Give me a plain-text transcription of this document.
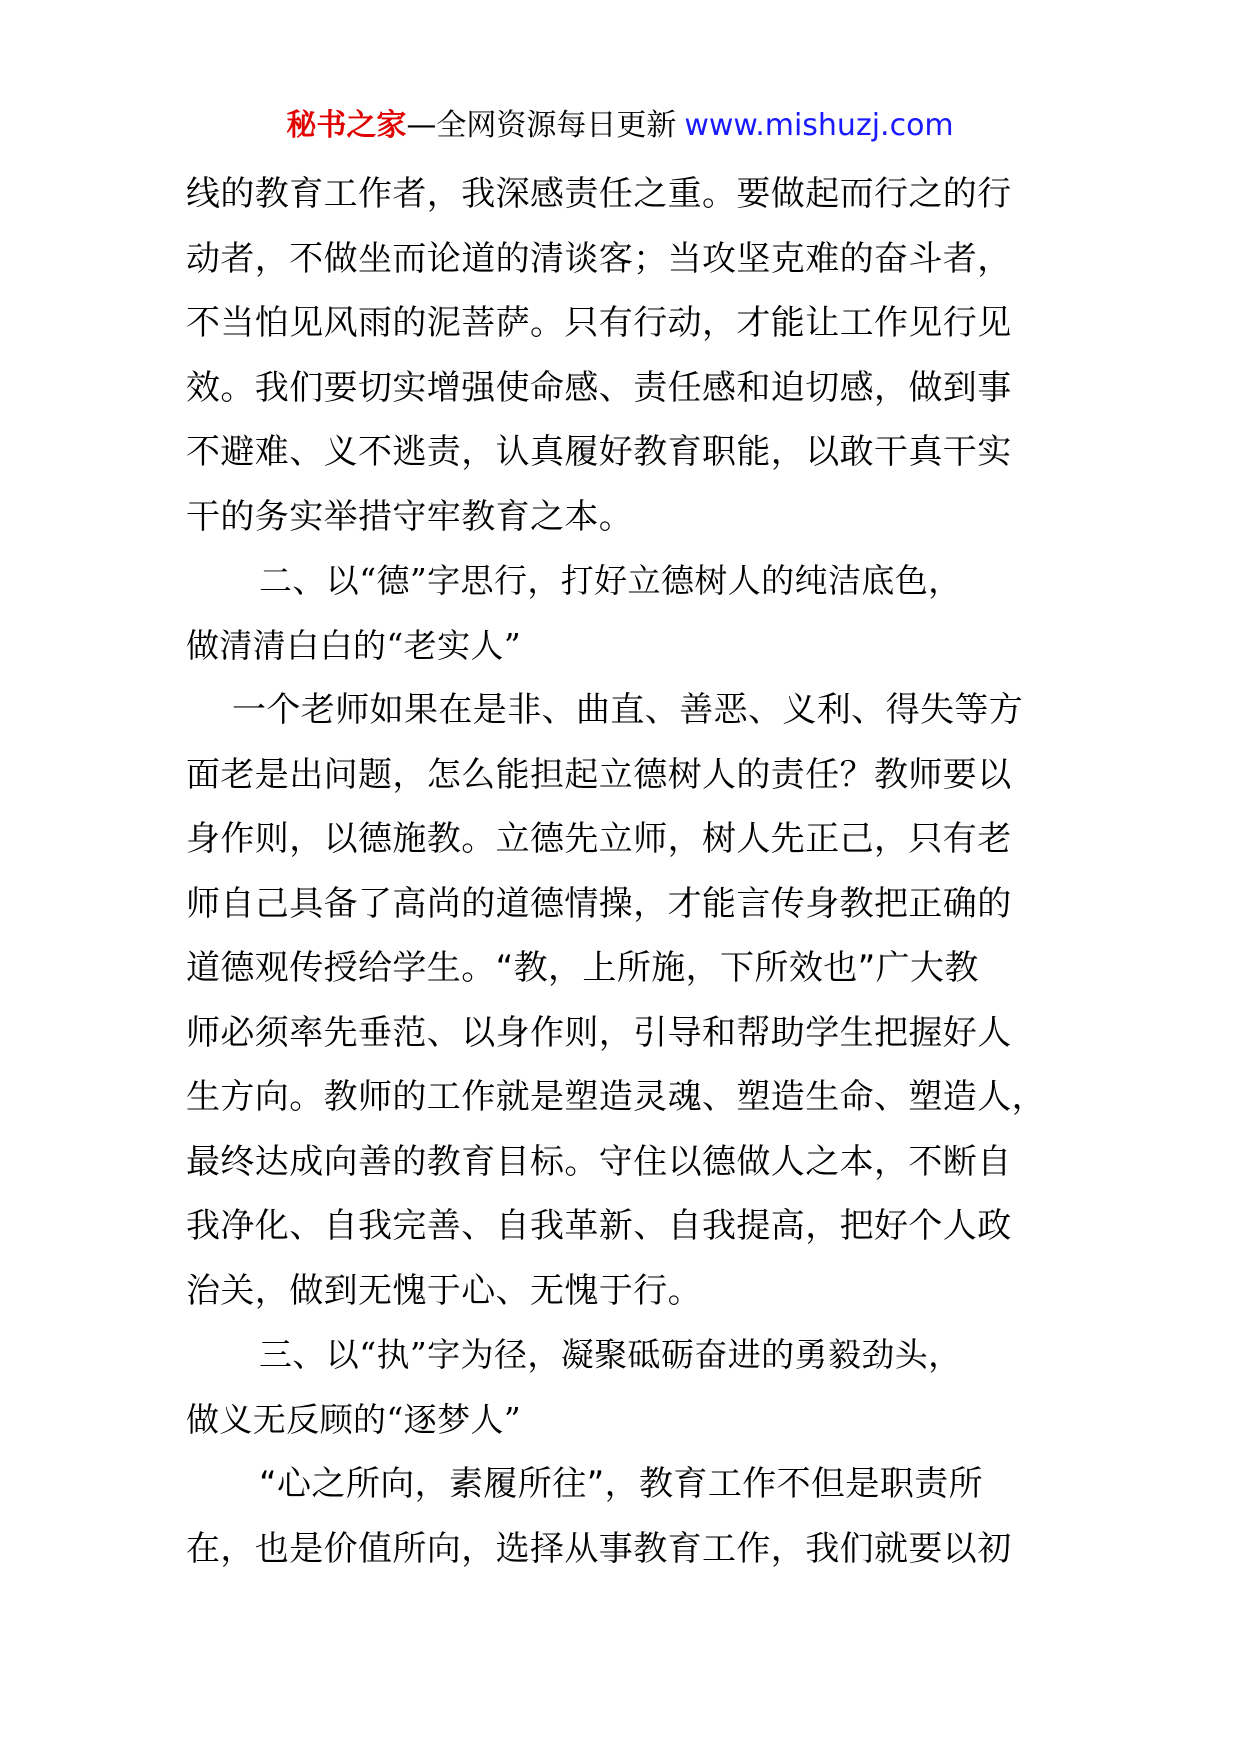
秘书之家—全网资源每日更新 www.mishuzj.com
线的教育工作者，我深感责任之重。要做起而行之的行
动者，不做坐而论道的清谈客；当攻坚克难的奋斗者，
不当怕见风雨的泥菩萨。只有行动，才能让工作见行见
效。我们要切实增强使命感、责任感和迫切感，做到事
不避难、义不逃责，认真履好教育职能，以敢干真干实
干的务实举措守牢教育之本。
二、以“德”字思行，打好立德树人的纯洁底色，
做清清白白的“老实人”
一个老师如果在是非、曲直、善恶、义利、得失等方
面老是出问题，怎么能担起立德树人的责任？教师要以
身作则，以德施教。立德先立师，树人先正己，只有老
师自己具备了高尚的道德情操，才能言传身教把正确的
道德观传授给学生。“教，上所施，下所效也”广大教
师必须率先垂范、以身作则，引导和帮助学生把握好人
生方向。教师的工作就是塑造灵魂、塑造生命、塑造人，
最终达成向善的教育目标。守住以德做人之本，不断自
我净化、自我完善、自我革新、自我提高，把好个人政
治关，做到无愧于心、无愧于行。
三、以“执”字为径，凝聚砥砺奋进的勇毅劲头，
做义无反顾的“逐梦人”
“心之所向，素履所往”，教育工作不但是职责所
在，也是价值所向，选择从事教育工作，我们就要以初
